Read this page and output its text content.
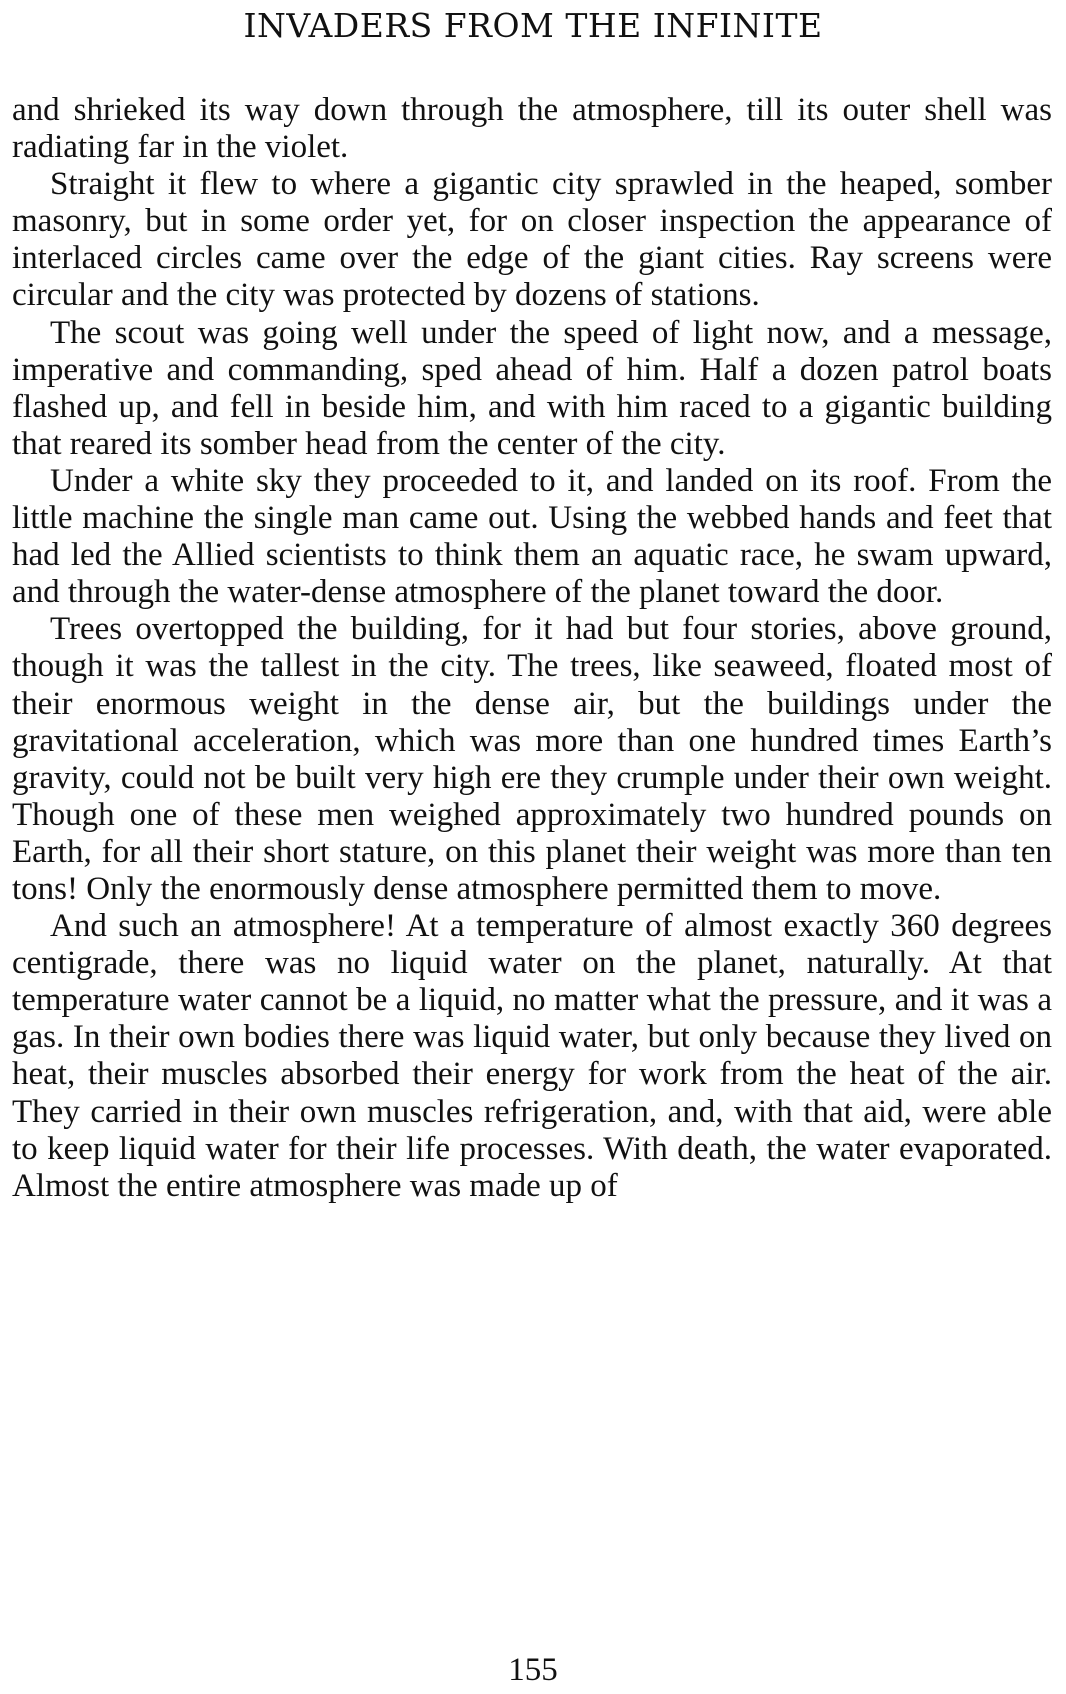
INVADERS FROM THE INFINITE

and shrieked its way down through the atmosphere, till its outer shell was radiating far in the violet.

Straight it flew to where a gigantic city sprawled in the heaped, somber masonry, but in some order yet, for on closer inspection the appearance of interlaced circles came over the edge of the giant cities. Ray screens were circular and the city was protected by dozens of stations.

The scout was going well under the speed of light now, and a message, imperative and commanding, sped ahead of him. Half a dozen patrol boats flashed up, and fell in beside him, and with him raced to a gigantic building that reared its somber head from the center of the city.

Under a white sky they proceeded to it, and landed on its roof. From the little machine the single man came out. Using the webbed hands and feet that had led the Allied scientists to think them an aquatic race, he swam upward, and through the water-dense atmosphere of the planet toward the door.

Trees overtopped the building, for it had but four stories, above ground, though it was the tallest in the city. The trees, like seaweed, floated most of their enormous weight in the dense air, but the buildings under the gravitational acceleration, which was more than one hundred times Earth’s gravity, could not be built very high ere they crumple under their own weight. Though one of these men weighed approximately two hundred pounds on Earth, for all their short stature, on this planet their weight was more than ten tons! Only the enormously dense atmosphere permitted them to move.

And such an atmosphere! At a temperature of almost exactly 360 degrees centigrade, there was no liquid water on the planet, naturally. At that temperature water cannot be a liquid, no matter what the pressure, and it was a gas. In their own bodies there was liquid water, but only because they lived on heat, their muscles absorbed their energy for work from the heat of the air. They carried in their own muscles refrigeration, and, with that aid, were able to keep liquid water for their life processes. With death, the water evaporated. Almost the entire atmosphere was made up of

155
